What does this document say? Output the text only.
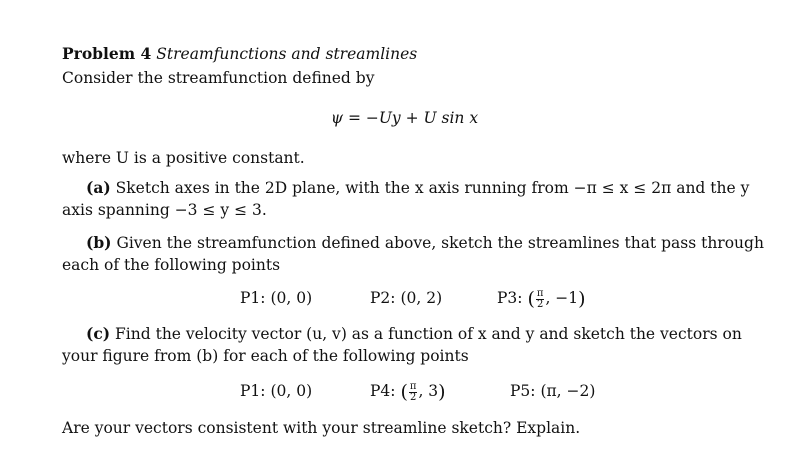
Problem 4 Streamfunctions and streamlines
Consider the streamfunction defined by
ψ = −Uy + U sin x
where U is a positive constant.
(a) Sketch axes in the 2D plane, with the x axis running from −π ≤ x ≤ 2π and the y
axis spanning −3 ≤ y ≤ 3.
(b) Given the streamfunction defined above, sketch the streamlines that pass through
each of the following points
P1: (0, 0)	P2: (0, 2)	P3: ( $\frac{\pi}{2}$ , −1)
(c) Find the velocity vector (u, v) as a function of x and y and sketch the vectors on
your figure from (b) for each of the following points
P1: (0, 0)	P4: ( $\frac{\pi}{2}$ , 3)	P5: (π, −2)
Are your vectors consistent with your streamline sketch? Explain.
